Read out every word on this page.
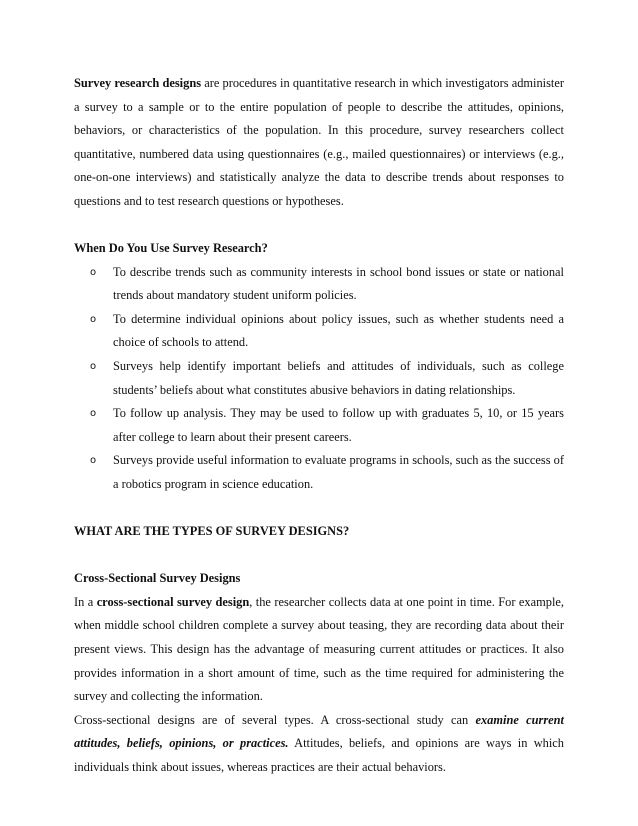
Survey research designs are procedures in quantitative research in which investigators administer a survey to a sample or to the entire population of people to describe the attitudes, opinions, behaviors, or characteristics of the population. In this procedure, survey researchers collect quantitative, numbered data using questionnaires (e.g., mailed questionnaires) or interviews (e.g., one-on-one interviews) and statistically analyze the data to describe trends about responses to questions and to test research questions or hypotheses.

When Do You Use Survey Research?

o To describe trends such as community interests in school bond issues or state or national trends about mandatory student uniform policies.
o To determine individual opinions about policy issues, such as whether students need a choice of schools to attend.
o Surveys help identify important beliefs and attitudes of individuals, such as college students’ beliefs about what constitutes abusive behaviors in dating relationships.
o To follow up analysis. They may be used to follow up with graduates 5, 10, or 15 years after college to learn about their present careers.
o Surveys provide useful information to evaluate programs in schools, such as the success of a robotics program in science education.

WHAT ARE THE TYPES OF SURVEY DESIGNS?

Cross-Sectional Survey Designs

In a cross-sectional survey design, the researcher collects data at one point in time. For example, when middle school children complete a survey about teasing, they are recording data about their present views. This design has the advantage of measuring current attitudes or practices. It also provides information in a short amount of time, such as the time required for administering the survey and collecting the information.

Cross-sectional designs are of several types. A cross-sectional study can examine current attitudes, beliefs, opinions, or practices. Attitudes, beliefs, and opinions are ways in which individuals think about issues, whereas practices are their actual behaviors.
